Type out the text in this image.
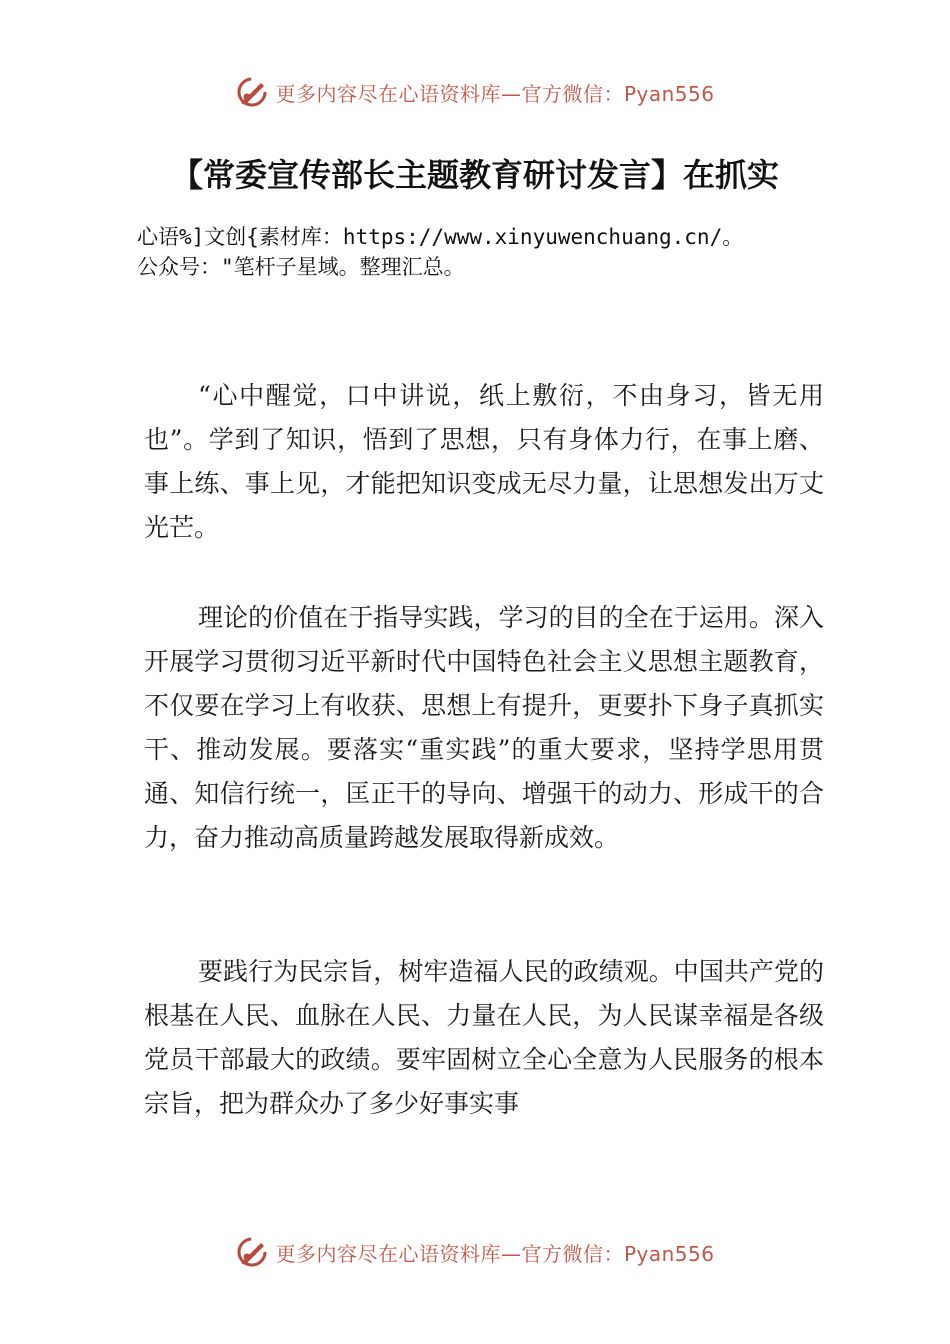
更多内容尽在心语资料库—官方微信：Pyan556
【常委宣传部长主题教育研讨发言】在抓实
心语%]文创{素材库：https://www.xinyuwenchuang.cn/。
公众号："笔杆子星域。整理汇总。

“心中醒觉，口中讲说，纸上敷衍，不由身习，皆无用也”。学到了知识，悟到了思想，只有身体力行，在事上磨、事上练、事上见，才能把知识变成无尽力量，让思想发出万丈光芒。

理论的价值在于指导实践，学习的目的全在于运用。深入开展学习贯彻习近平新时代中国特色社会主义思想主题教育，不仅要在学习上有收获、思想上有提升，更要扑下身子真抓实干、推动发展。要落实“重实践”的重大要求，坚持学思用贯通、知信行统一，匡正干的导向、增强干的动力、形成干的合力，奋力推动高质量跨越发展取得新成效。

要践行为民宗旨，树牢造福人民的政绩观。中国共产党的根基在人民、血脉在人民、力量在人民，为人民谋幸福是各级党员干部最大的政绩。要牢固树立全心全意为人民服务的根本宗旨，把为群众办了多少好事实事

更多内容尽在心语资料库—官方微信：Pyan556
